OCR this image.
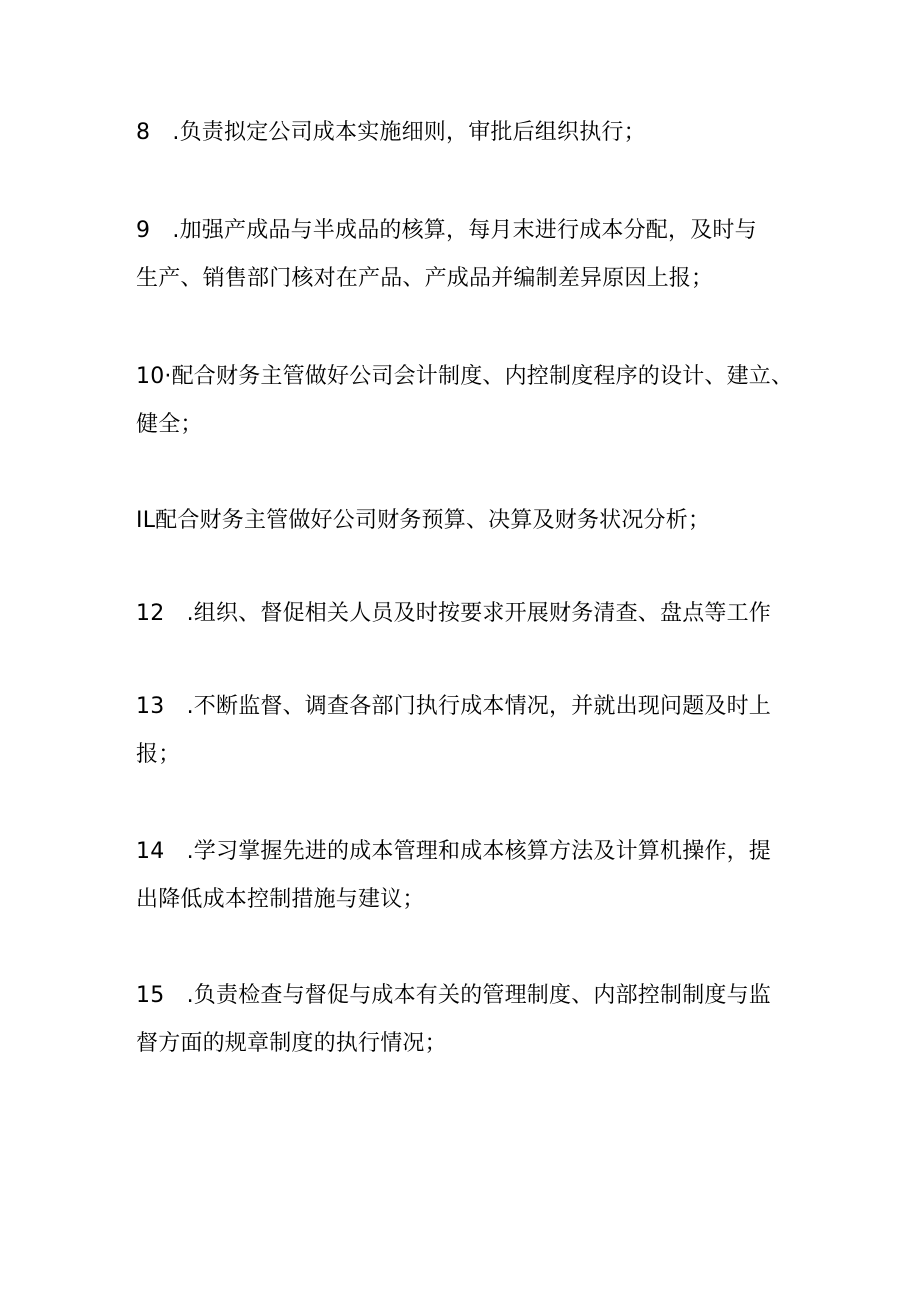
8　.负责拟定公司成本实施细则，审批后组织执行；
9　.加强产成品与半成品的核算，每月末进行成本分配，及时与
生产、销售部门核对在产品、产成品并编制差异原因上报；
10·配合财务主管做好公司会计制度、内控制度程序的设计、建立、
健全；
IL配合财务主管做好公司财务预算、决算及财务状况分析；
12　.组织、督促相关人员及时按要求开展财务清查、盘点等工作
13　.不断监督、调查各部门执行成本情况，并就出现问题及时上
报；
14　.学习掌握先进的成本管理和成本核算方法及计算机操作，提
出降低成本控制措施与建议；
15　.负责检查与督促与成本有关的管理制度、内部控制制度与监
督方面的规章制度的执行情况；
